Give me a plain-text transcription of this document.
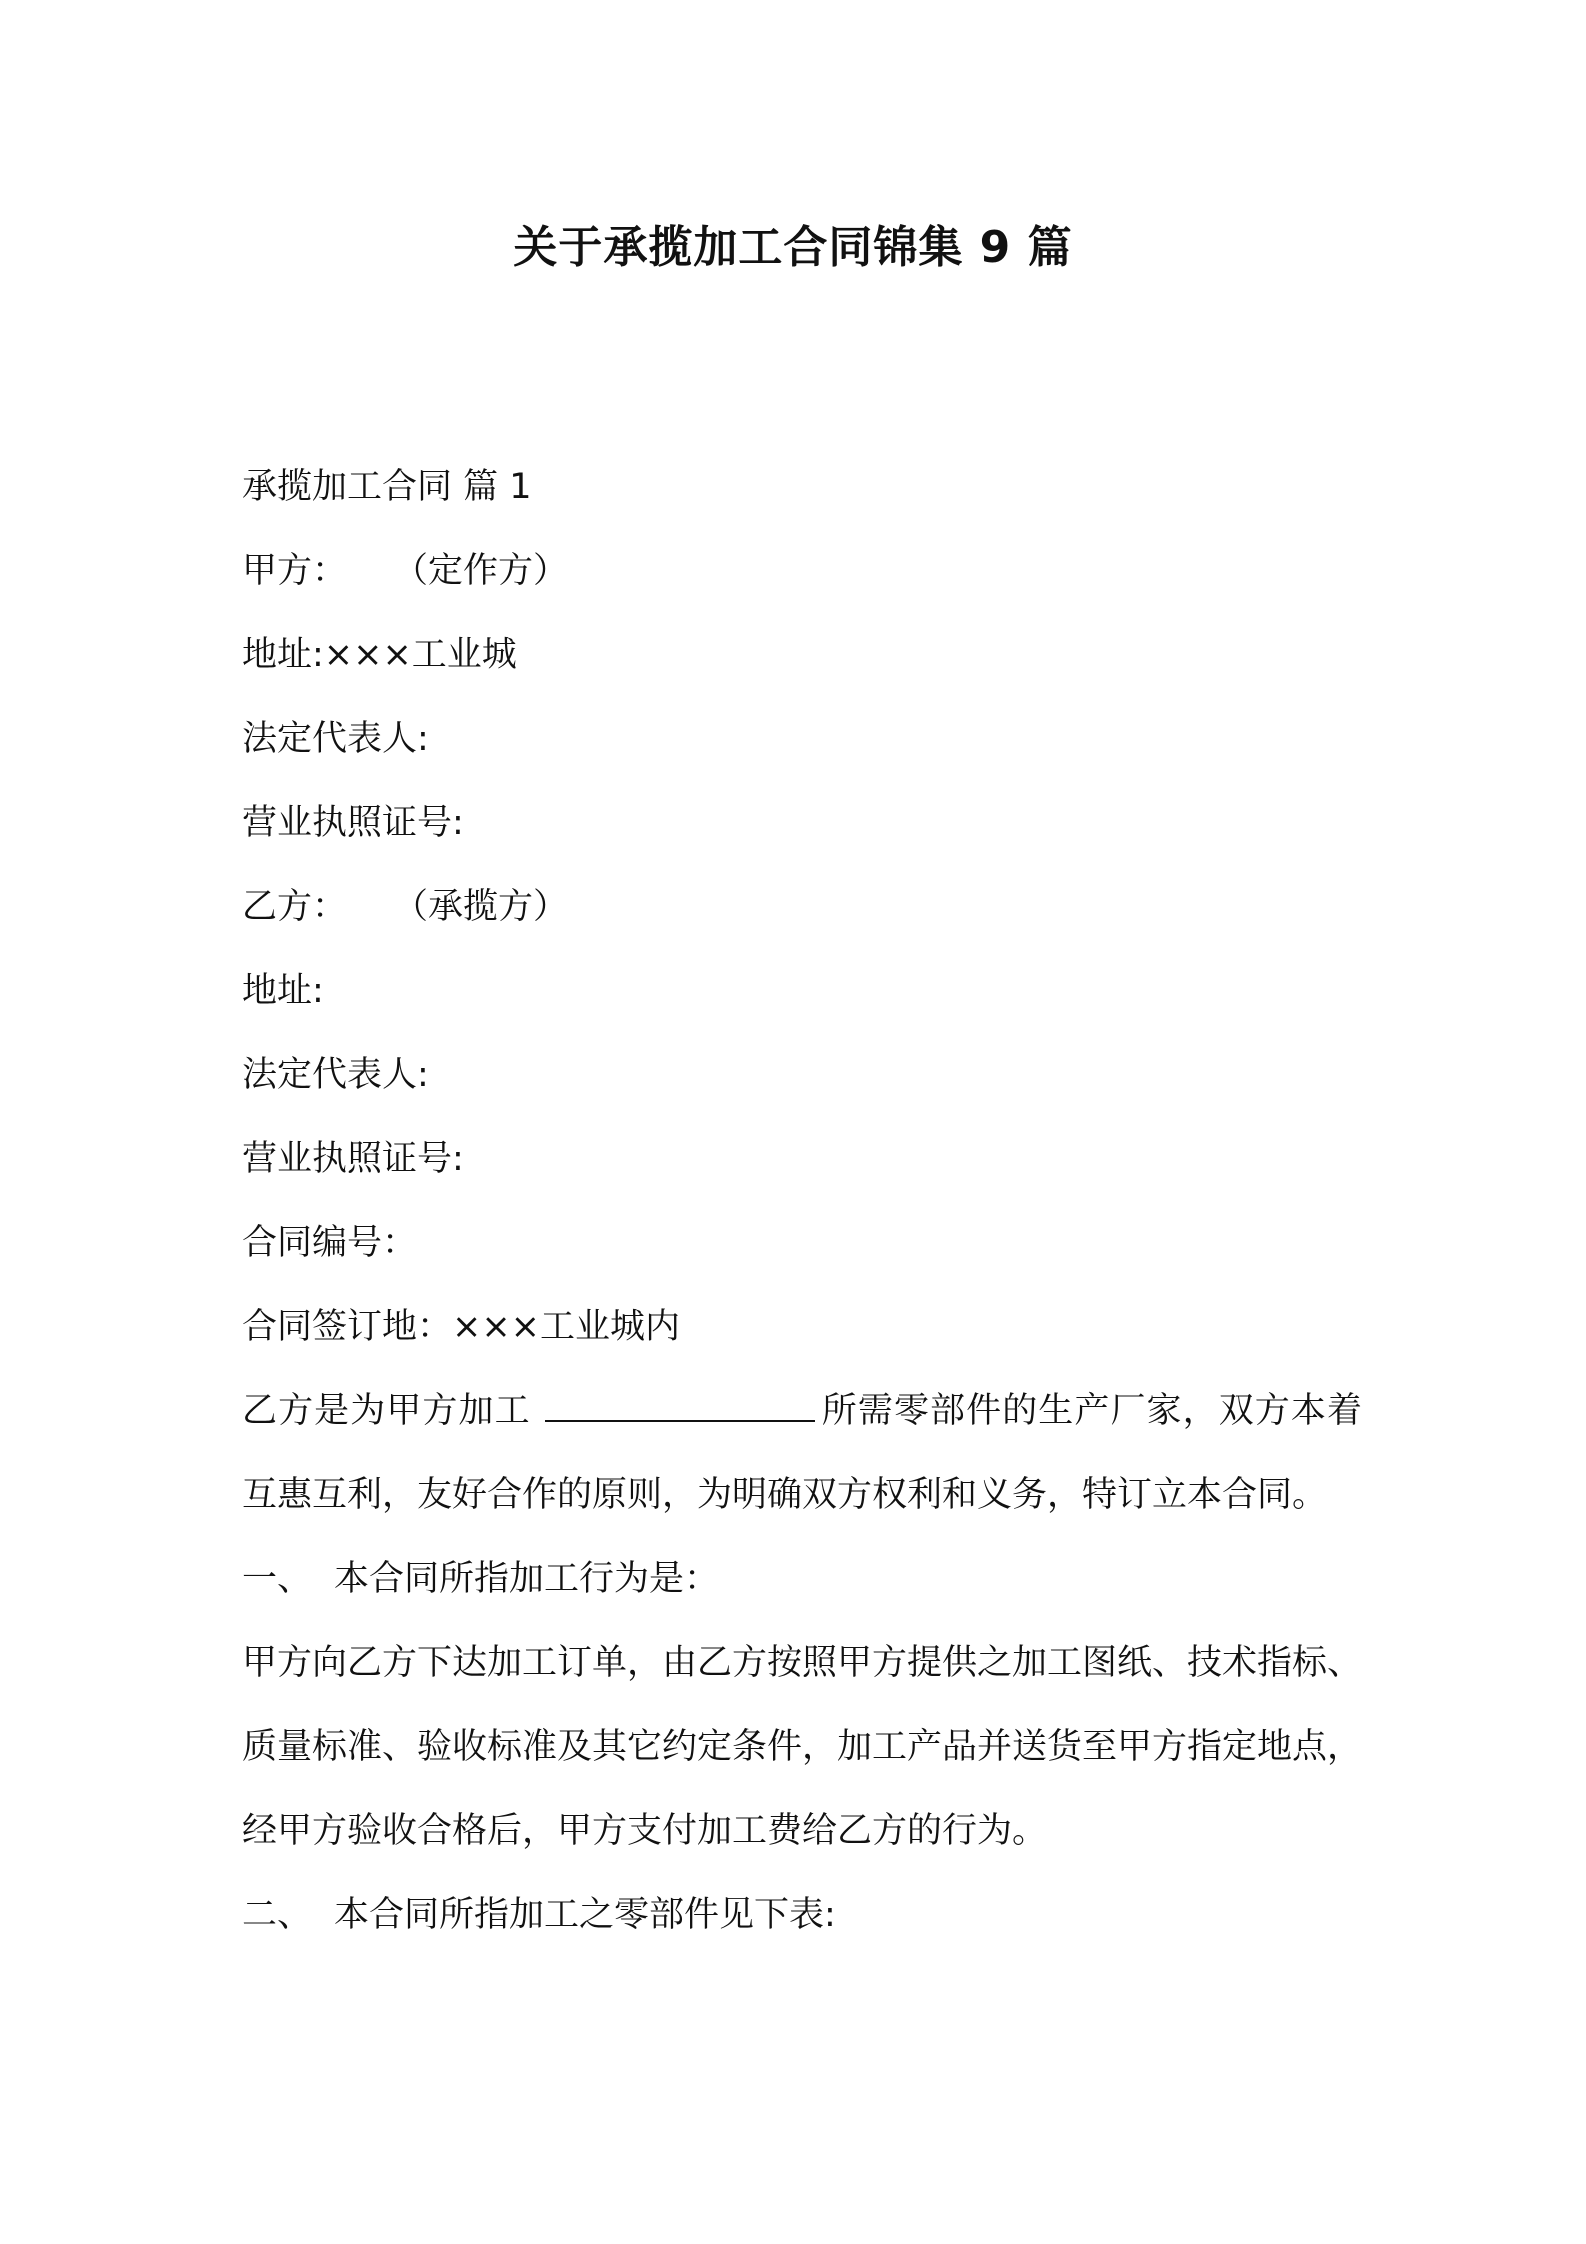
关于承揽加工合同锦集 9 篇
承揽加工合同 篇 1
甲方： （定作方）
地址:×××工业城
法定代表人:
营业执照证号:
乙方： （承揽方）
地址:
法定代表人:
营业执照证号:
合同编号：
合同签订地：×××工业城内
乙方是为甲方加工	所需零部件的生产厂家，双方本着互惠互利，友好合作的原则，为明确双方权利和义务，特订立本合同。
一、 本合同所指加工行为是：
甲方向乙方下达加工订单，由乙方按照甲方提供之加工图纸、技术指标、质量标准、验收标准及其它约定条件，加工产品并送货至甲方指定地点，经甲方验收合格后，甲方支付加工费给乙方的行为。
二、 本合同所指加工之零部件见下表:
